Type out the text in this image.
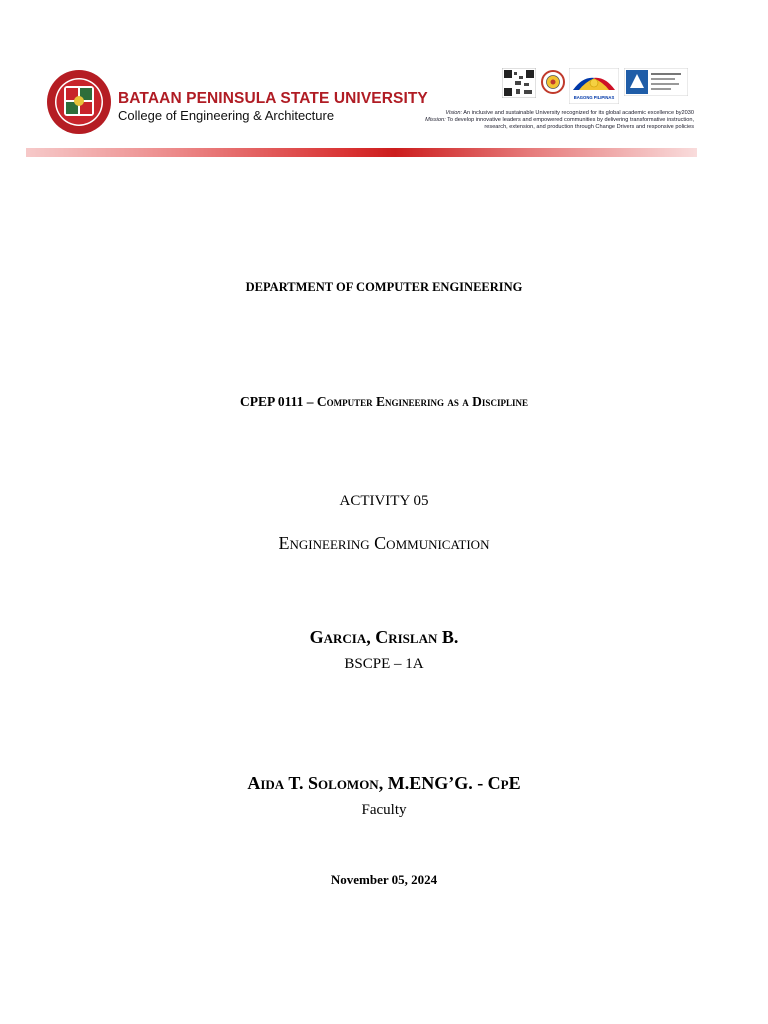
BATAAN PENINSULA STATE UNIVERSITY
College of Engineering & Architecture
BAGONG PILIPINAS
Vision: An inclusive and sustainable University recognized for its global academic excellence by2030
Mission: To develop innovative leaders and empowered communities by delivering transformative instruction,
research, extension, and production through Change Drivers and responsive policies
DEPARTMENT OF COMPUTER ENGINEERING
CPEP 0111 – Computer Engineering as a Discipline
ACTIVITY 05
Engineering Communication
Garcia, Crislan B.
BSCPE – 1A
Aida T. Solomon, M.ENG’G. - CpE
Faculty
November 05, 2024
